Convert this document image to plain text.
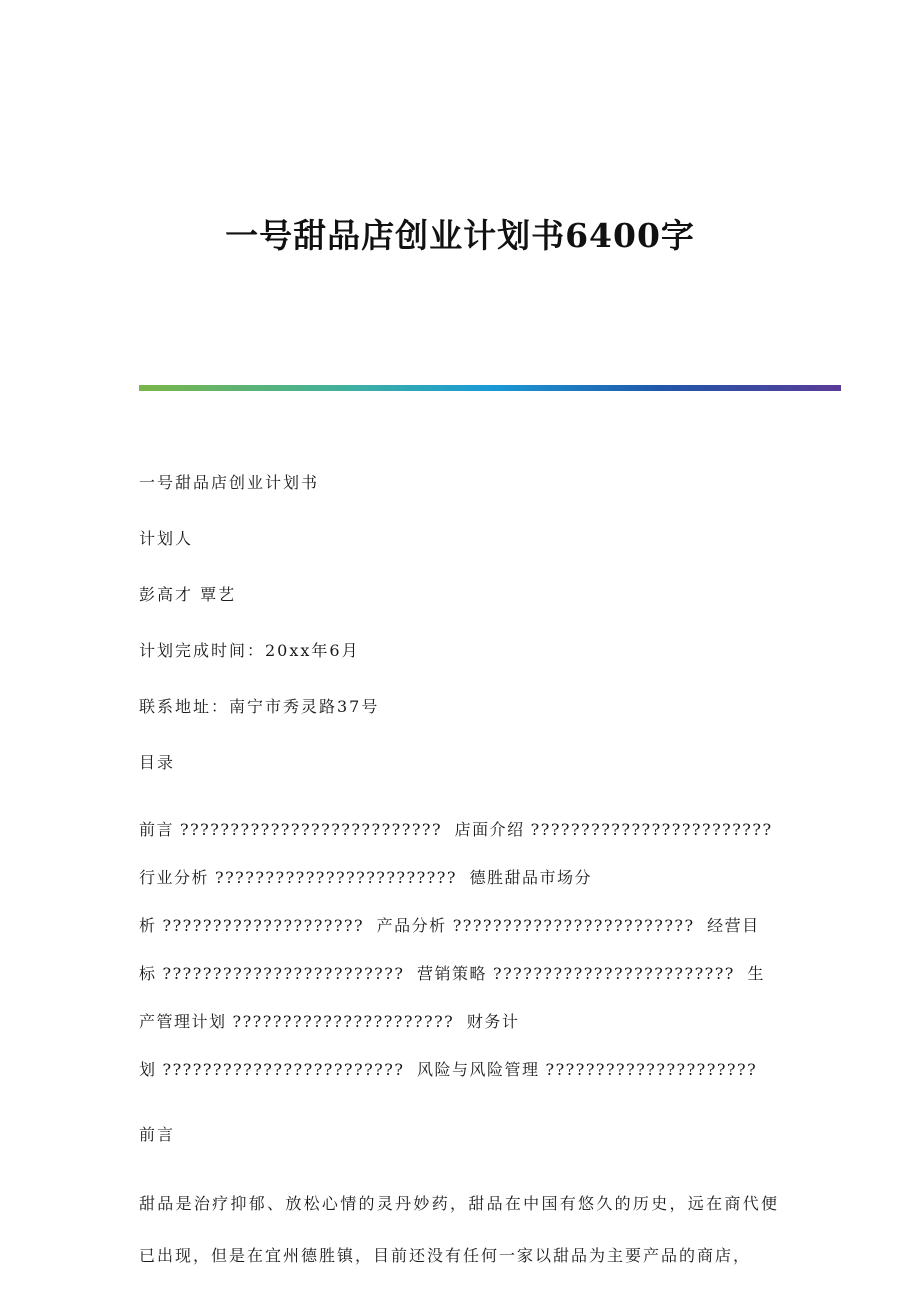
一号甜品店创业计划书6400字

一号甜品店创业计划书

计划人

彭高才 覃艺

计划完成时间：20xx年6月

联系地址：南宁市秀灵路37号

目录

前言 ?????????????????????????? 店面介绍 ???????????????????????? 行业分析 ???????????????????????? 德胜甜品市场分析 ???????????????????? 产品分析 ???????????????????????? 经营目标 ???????????????????????? 营销策略 ???????????????????????? 生产管理计划 ?????????????????????? 财务计划 ???????????????????????? 风险与风险管理 ?????????????????????

前言

甜品是治疗抑郁、放松心情的灵丹妙药，甜品在中国有悠久的历史，远在商代便已出现，但是在宜州德胜镇，目前还没有任何一家以甜品为主要产品的商店，
